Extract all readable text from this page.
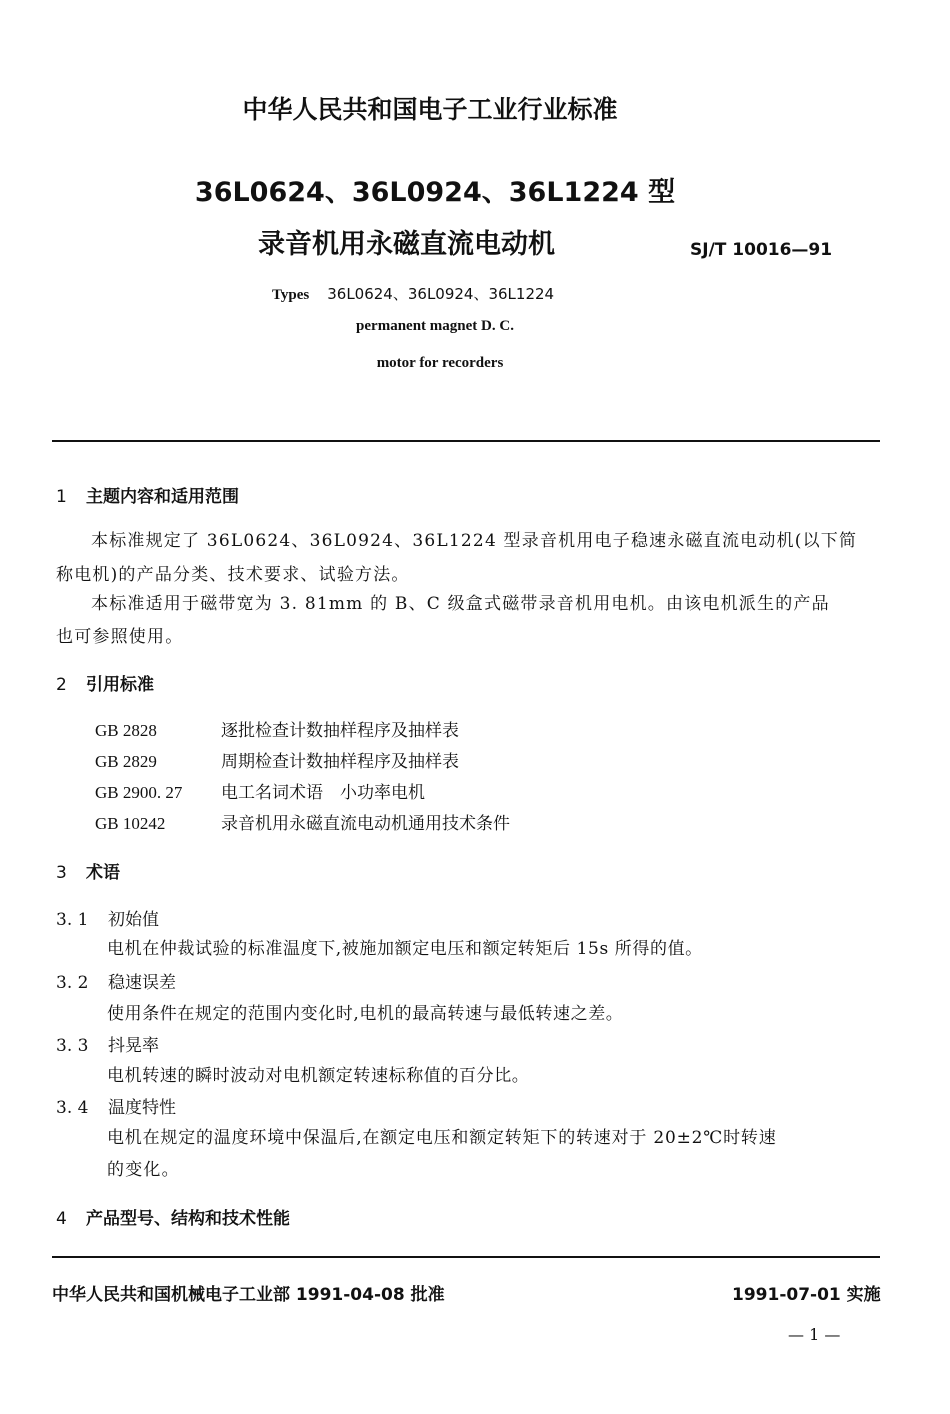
中华人民共和国电子工业行业标准
36L0624、36L0924、36L1224 型
录音机用永磁直流电动机	SJ/T 10016—91
Types 36L0624、36L0924、36L1224
permanent magnet D. C.
motor for recorders
1 主题内容和适用范围
本标准规定了 36L0624、36L0924、36L1224 型录音机用电子稳速永磁直流电动机(以下简
称电机)的产品分类、技术要求、试验方法。
本标准适用于磁带宽为 3. 81mm 的 B、C 级盒式磁带录音机用电机。由该电机派生的产品
也可参照使用。
2 引用标准
GB 2828	逐批检查计数抽样程序及抽样表
GB 2829	周期检查计数抽样程序及抽样表
GB 2900. 27 电工名词术语　小功率电机
GB 10242	录音机用永磁直流电动机通用技术条件
3 术语
3. 1 初始值
电机在仲裁试验的标准温度下,被施加额定电压和额定转矩后 15s 所得的值。
3. 2 稳速误差
使用条件在规定的范围内变化时,电机的最高转速与最低转速之差。
3. 3 抖晃率
电机转速的瞬时波动对电机额定转速标称值的百分比。
3. 4 温度特性
电机在规定的温度环境中保温后,在额定电压和额定转矩下的转速对于 20±2℃时转速
的变化。
4 产品型号、结构和技术性能
中华人民共和国机械电子工业部 1991-04-08 批准	1991-07-01 实施
— 1 —
